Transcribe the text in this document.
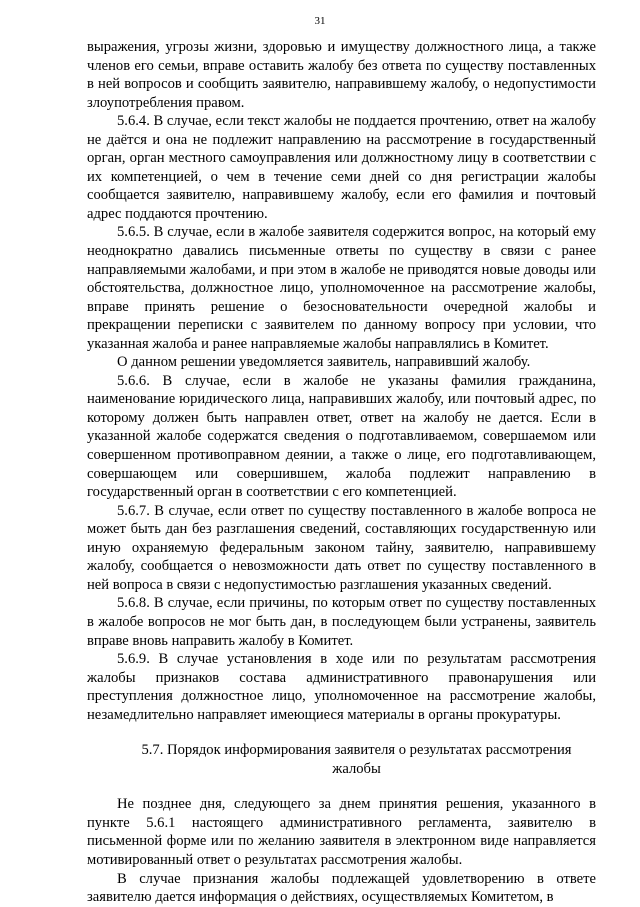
31

выражения, угрозы жизни, здоровью и имуществу должностного лица, а также членов его семьи, вправе оставить жалобу без ответа по существу поставленных в ней вопросов и сообщить заявителю, направившему жалобу, о недопустимости злоупотребления правом.

5.6.4. В случае, если текст жалобы не поддается прочтению, ответ на жалобу не даётся и она не подлежит направлению на рассмотрение в государственный орган, орган местного самоуправления или должностному лицу в соответствии с их компетенцией, о чем в течение семи дней со дня регистрации жалобы сообщается заявителю, направившему жалобу, если его фамилия и почтовый адрес поддаются прочтению.

5.6.5. В случае, если в жалобе заявителя содержится вопрос, на который ему неоднократно давались письменные ответы по существу в связи с ранее направляемыми жалобами, и при этом в жалобе не приводятся новые доводы или обстоятельства, должностное лицо, уполномоченное на рассмотрение жалобы, вправе принять решение о безосновательности очередной жалобы и прекращении переписки с заявителем по данному вопросу при условии, что указанная жалоба и ранее направляемые жалобы направлялись в Комитет.

О данном решении уведомляется заявитель, направивший жалобу.

5.6.6. В случае, если в жалобе не указаны фамилия гражданина, наименование юридического лица, направивших жалобу, или почтовый адрес, по которому должен быть направлен ответ, ответ на жалобу не дается. Если в указанной жалобе содержатся сведения о подготавливаемом, совершаемом или совершенном противоправном деянии, а также о лице, его подготавливающем, совершающем или совершившем, жалоба подлежит направлению в государственный орган в соответствии с его компетенцией.

5.6.7. В случае, если ответ по существу поставленного в жалобе вопроса не может быть дан без разглашения сведений, составляющих государственную или иную охраняемую федеральным законом тайну, заявителю, направившему жалобу, сообщается о невозможности дать ответ по существу поставленного в ней вопроса в связи с недопустимостью разглашения указанных сведений.

5.6.8. В случае, если причины, по которым ответ по существу поставленных в жалобе вопросов не мог быть дан, в последующем были устранены, заявитель вправе вновь направить жалобу в Комитет.

5.6.9. В случае установления в ходе или по результатам рассмотрения жалобы признаков состава административного правонарушения или преступления должностное лицо, уполномоченное на рассмотрение жалобы, незамедлительно направляет имеющиеся материалы в органы прокуратуры.

5.7. Порядок информирования заявителя о результатах рассмотрения жалобы

Не позднее дня, следующего за днем принятия решения, указанного в пункте 5.6.1 настоящего административного регламента, заявителю в письменной форме или по желанию заявителя в электронном виде направляется мотивированный ответ о результатах рассмотрения жалобы.

В случае признания жалобы подлежащей удовлетворению в ответе заявителю дается информация о действиях, осуществляемых Комитетом, в
